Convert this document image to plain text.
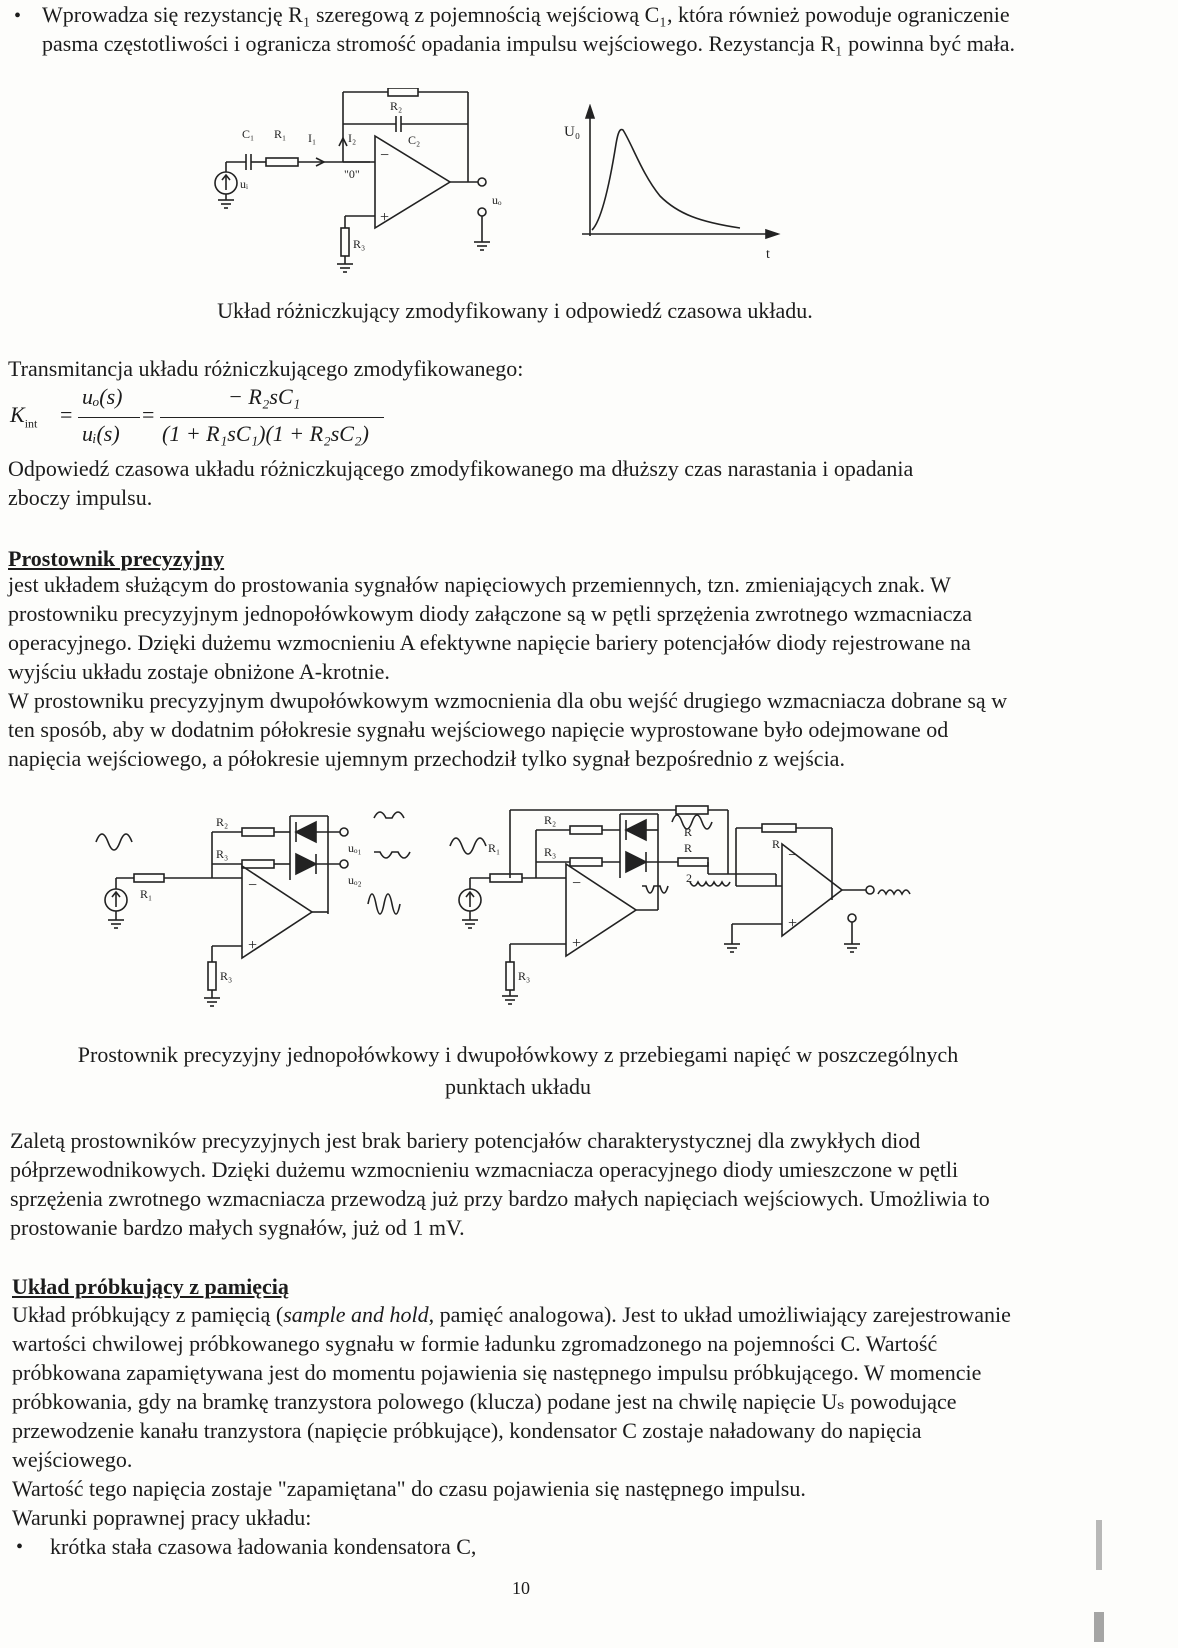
• Wprowadza się rezystancję R₁ szeregową z pojemnością wejściową C₁, która również powoduje ograniczenie pasma częstotliwości i ogranicza stromość opadania impulsu wejściowego. Rezystancja R₁ powinna być mała.
C₁ R₁ I₁	I₂
R₂
C₂
"0"
−
+
uᵢ
uₒ
R₃
U₀
t
Układ różniczkujący zmodyfikowany i odpowiedź czasowa układu.
Transmitancja układu różniczkującego zmodyfikowanego:
$K_{int}$ =
uₒ(s)
uᵢ(s)
=
− R₂sC₁
(1 + R₁sC₁)(1 + R₂sC₂)
Odpowiedź czasowa układu różniczkującego zmodyfikowanego ma dłuższy czas narastania i opadania zboczy impulsu.
Prostownik precyzyjny
jest układem służącym do prostowania sygnałów napięciowych przemiennych, tzn. zmieniających znak. W prostowniku precyzyjnym jednopołówkowym diody załączone są w pętli sprzężenia zwrotnego wzmacniacza operacyjnego. Dzięki dużemu wzmocnieniu A efektywne napięcie bariery potencjałów diody rejestrowane na wyjściu układu zostaje obniżone A-krotnie.
W prostowniku precyzyjnym dwupołówkowym wzmocnienia dla obu wejść drugiego wzmacniacza dobrane są w ten sposób, aby w dodatnim półokresie sygnału wejściowego napięcie wyprostowane było odejmowane od napięcia wejściowego, a półokresie ujemnym przechodził tylko sygnał bezpośrednio z wejścia.
R₁
R₂
R₃	uₒ₁
uₒ₂
−
+
R₃
R₁
R₂
R₃
R
R
2
R
−
+
−
+
R₃
Prostownik precyzyjny jednopołówkowy i dwupołówkowy z przebiegami napięć w poszczególnych
punktach układu
Zaletą prostowników precyzyjnych jest brak bariery potencjałów charakterystycznej dla zwykłych diod półprzewodnikowych. Dzięki dużemu wzmocnieniu wzmacniacza operacyjnego diody umieszczone w pętli sprzężenia zwrotnego wzmacniacza przewodzą już przy bardzo małych napięciach wejściowych. Umożliwia to prostowanie bardzo małych sygnałów, już od 1 mV.
Układ próbkujący z pamięcią
Układ próbkujący z pamięcią (sample and hold, pamięć analogowa). Jest to układ umożliwiający zarejestrowanie wartości chwilowej próbkowanego sygnału w formie ładunku zgromadzonego na pojemności C. Wartość próbkowana zapamiętywana jest do momentu pojawienia się następnego impulsu próbkującego. W momencie próbkowania, gdy na bramkę tranzystora polowego (klucza) podane jest na chwilę napięcie Uₛ powodujące przewodzenie kanału tranzystora (napięcie próbkujące), kondensator C zostaje naładowany do napięcia wejściowego.
Wartość tego napięcia zostaje "zapamiętana" do czasu pojawienia się następnego impulsu.
Warunki poprawnej pracy układu:
• krótka stała czasowa ładowania kondensatora C,
10
